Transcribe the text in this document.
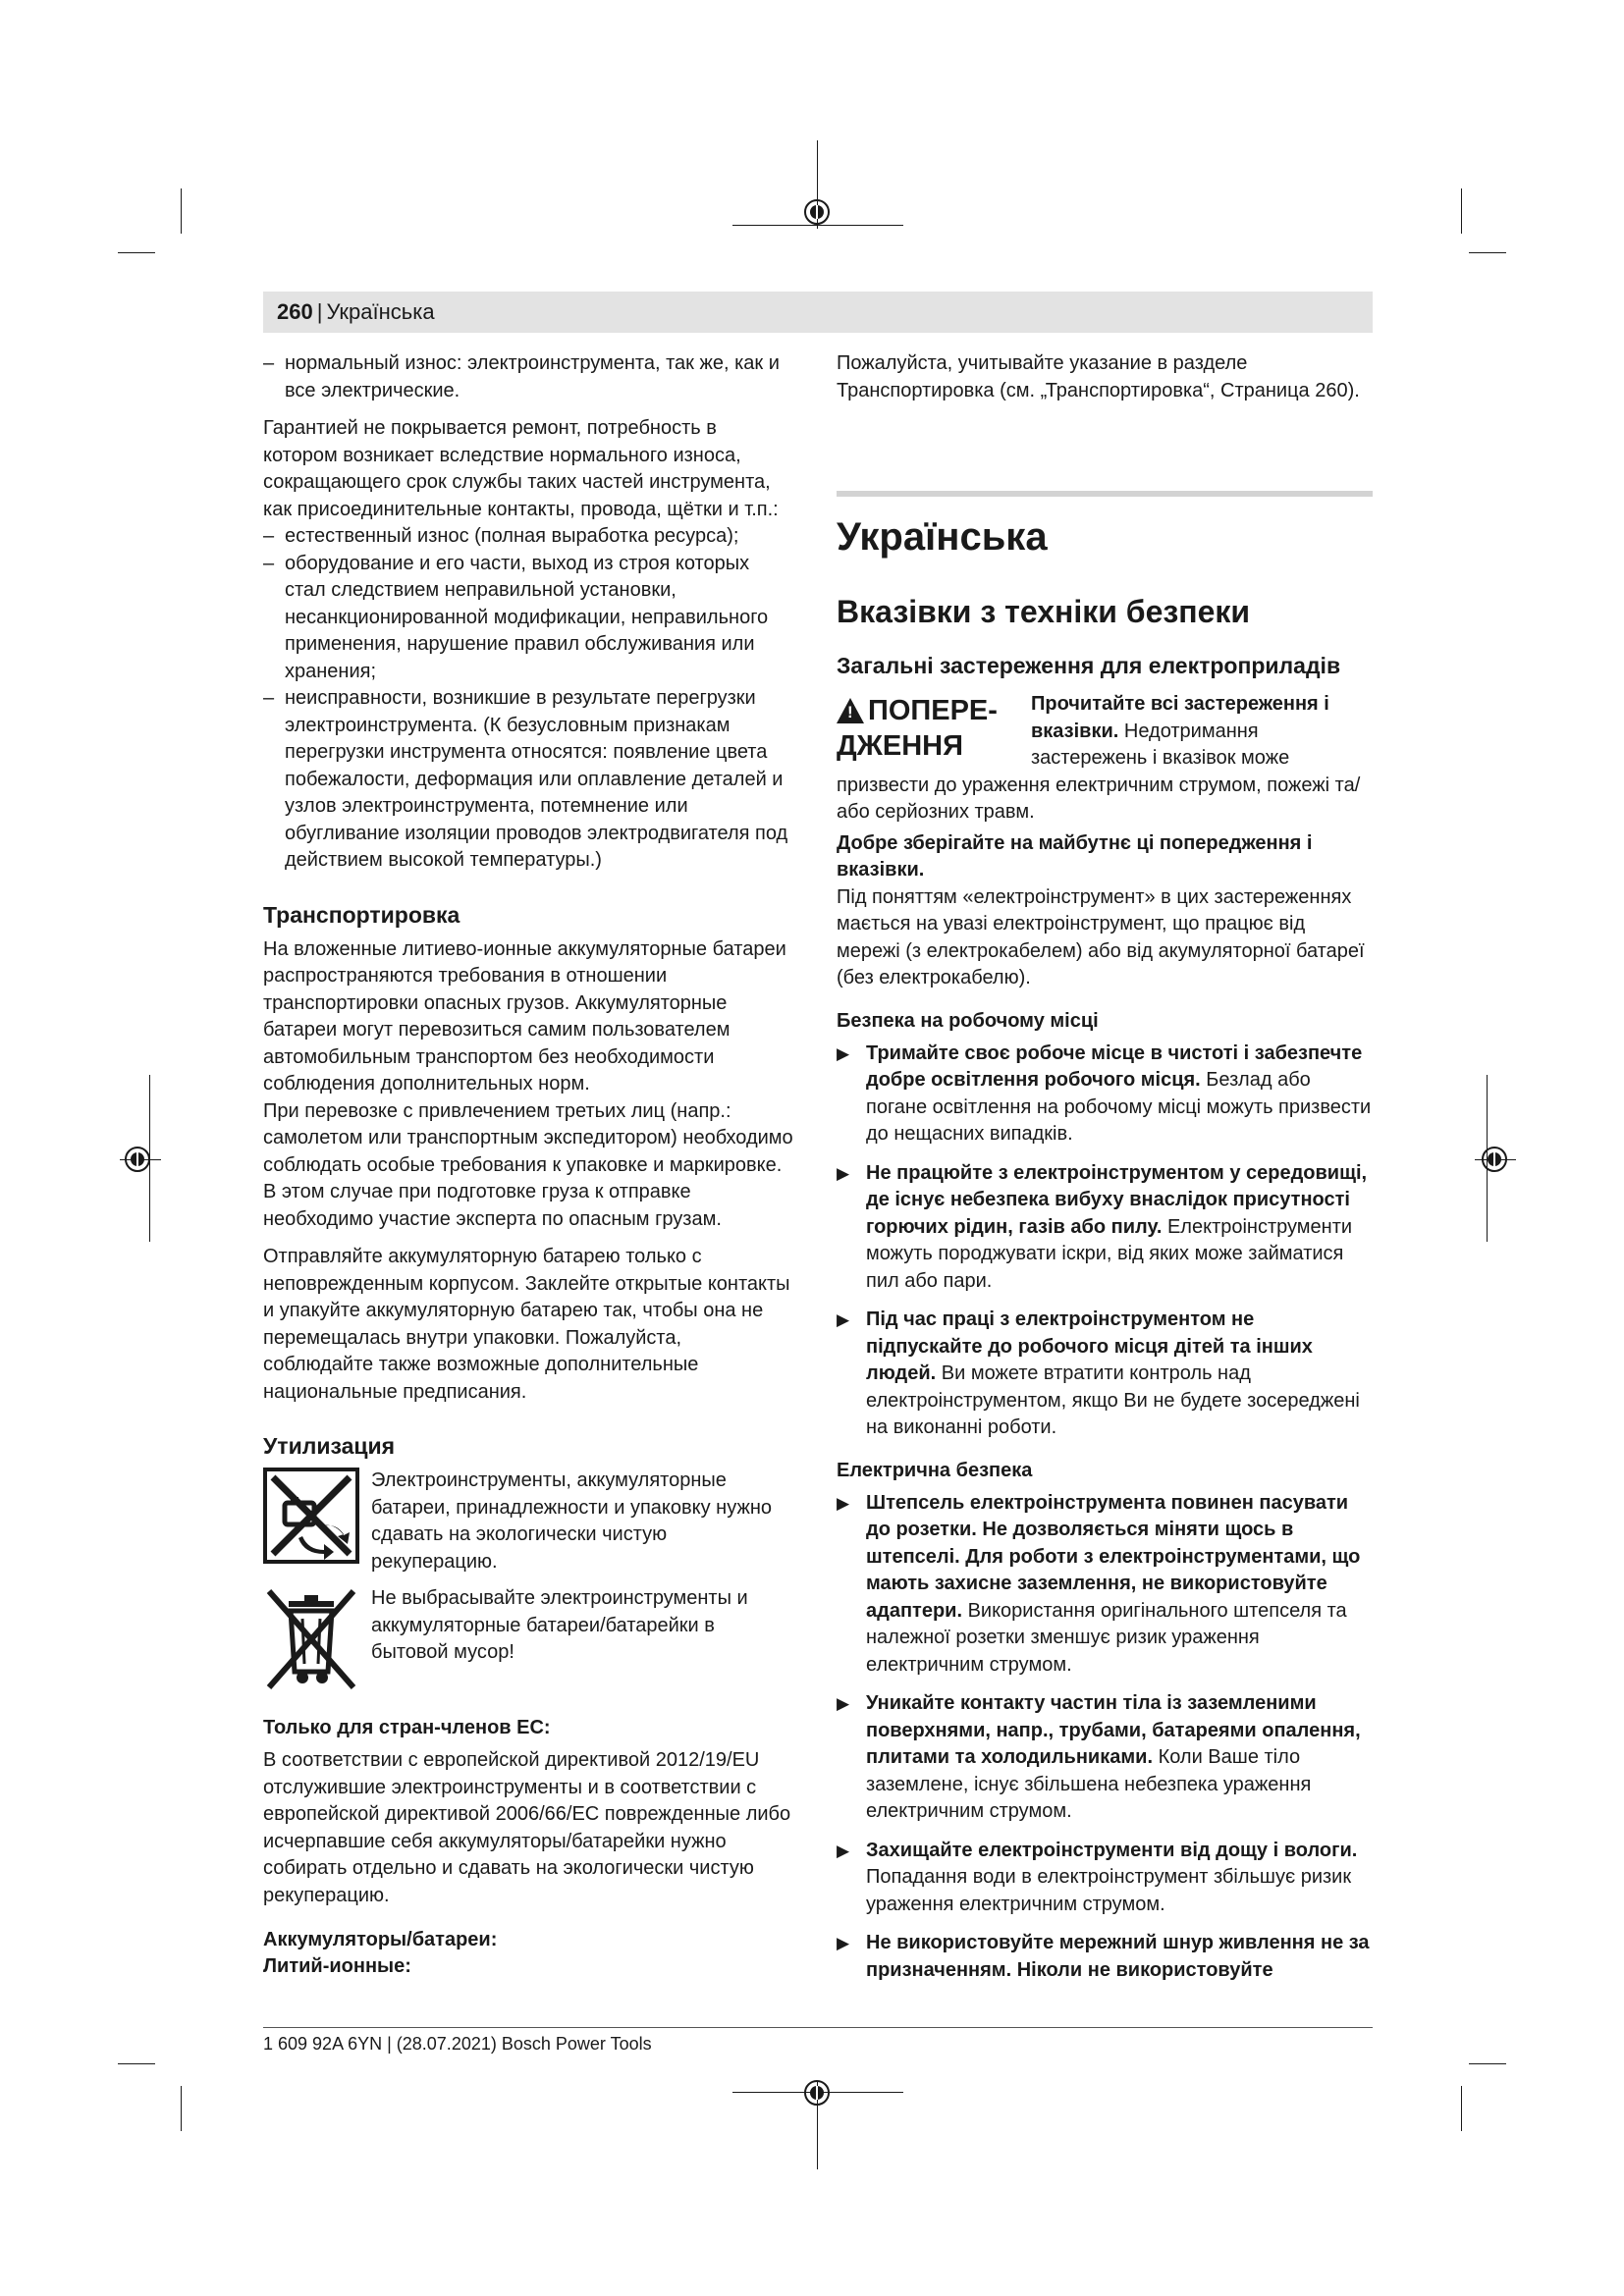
260 | Українська

– нормальный износ: электроинструмента, так же, как и все электрические.

Гарантией не покрывается ремонт, потребность в котором возникает вследствие нормального износа, сокращающего срок службы таких частей инструмента, как присоединительные контакты, провода, щётки и т.п.:

– естественный износ (полная выработка ресурса);

– оборудование и его части, выход из строя которых стал следствием неправильной установки, несанкционированной модификации, неправильного применения, нарушение правил обслуживания или хранения;

– неисправности, возникшие в результате перегрузки электроинструмента. (К безусловным признакам перегрузки инструмента относятся: появление цвета побежалости, деформация или оплавление деталей и узлов электроинструмента, потемнение или обугливание изоляции проводов электродвигателя под действием высокой температуры.)

Транспортировка

На вложенные литиево-ионные аккумуляторные батареи распространяются требования в отношении транспортировки опасных грузов. Аккумуляторные батареи могут перевозиться самим пользователем автомобильным транспортом без необходимости соблюдения дополнительных норм.

При перевозке с привлечением третьих лиц (напр.: самолетом или транспортным экспедитором) необходимо соблюдать особые требования к упаковке и маркировке. В этом случае при подготовке груза к отправке необходимо участие эксперта по опасным грузам.

Отправляйте аккумуляторную батарею только с неповрежденным корпусом. Заклейте открытые контакты и упакуйте аккумуляторную батарею так, чтобы она не перемещалась внутри упаковки. Пожалуйста, соблюдайте также возможные дополнительные национальные предписания.

Утилизация
Электроинструменты, аккумуляторные батареи, принадлежности и упаковку нужно сдавать на экологически чистую рекуперацию.
Не выбрасывайте электроинструменты и аккумуляторные батареи/батарейки в бытовой мусор!
Только для стран-членов ЕС:

В соответствии с европейской директивой 2012/19/EU отслужившие электроинструменты и в соответствии с европейской директивой 2006/66/EC поврежденные либо исчерпавшие себя аккумуляторы/батарейки нужно собирать отдельно и сдавать на экологически чистую рекуперацию.

Аккумуляторы/батареи:
Литий-ионные:

Пожалуйста, учитывайте указание в разделе Транспортировка (см. „Транспортировка“, Страница 260).

Українська
Вказівки з техніки безпеки
Загальні застереження для електроприладів
! ПОПЕРЕ-ДЖЕННЯ

Прочитайте всі застереження і вказівки. Недотримання застережень і вказівок може призвести до ураження електричним струмом, пожежі та/або серйозних травм.

Добре зберігайте на майбутнє ці попередження і вказівки.

Під поняттям «електроінструмент» в цих застереженнях мається на увазі електроінструмент, що працює від мережі (з електрокабелем) або від акумуляторної батареї (без електрокабелю).

Безпека на робочому місці

▶ Тримайте своє робоче місце в чистоті і забезпечте добре освітлення робочого місця. Безлад або погане освітлення на робочому місці можуть призвести до нещасних випадків.

▶ Не працюйте з електроінструментом у середовищі, де існує небезпека вибуху внаслідок присутності горючих рідин, газів або пилу. Електроінструменти можуть породжувати іскри, від яких може займатися пил або пари.

▶ Під час праці з електроінструментом не підпускайте до робочого місця дітей та інших людей. Ви можете втратити контроль над електроінструментом, якщо Ви не будете зосереджені на виконанні роботи.

Електрична безпека

▶ Штепсель електроінструмента повинен пасувати до розетки. Не дозволяється міняти щось в штепселі. Для роботи з електроінструментами, що мають захисне заземлення, не використовуйте адаптери. Використання оригінального штепселя та належної розетки зменшує ризик ураження електричним струмом.

▶ Уникайте контакту частин тіла із заземленими поверхнями, напр., трубами, батареями опалення, плитами та холодильниками. Коли Ваше тіло заземлене, існує збільшена небезпека ураження електричним струмом.

▶ Захищайте електроінструменти від дощу і вологи. Попадання води в електроінструмент збільшує ризик ураження електричним струмом.

▶ Не використовуйте мережний шнур живлення не за призначенням. Ніколи не використовуйте

1 609 92A 6YN | (28.07.2021) Bosch Power Tools
